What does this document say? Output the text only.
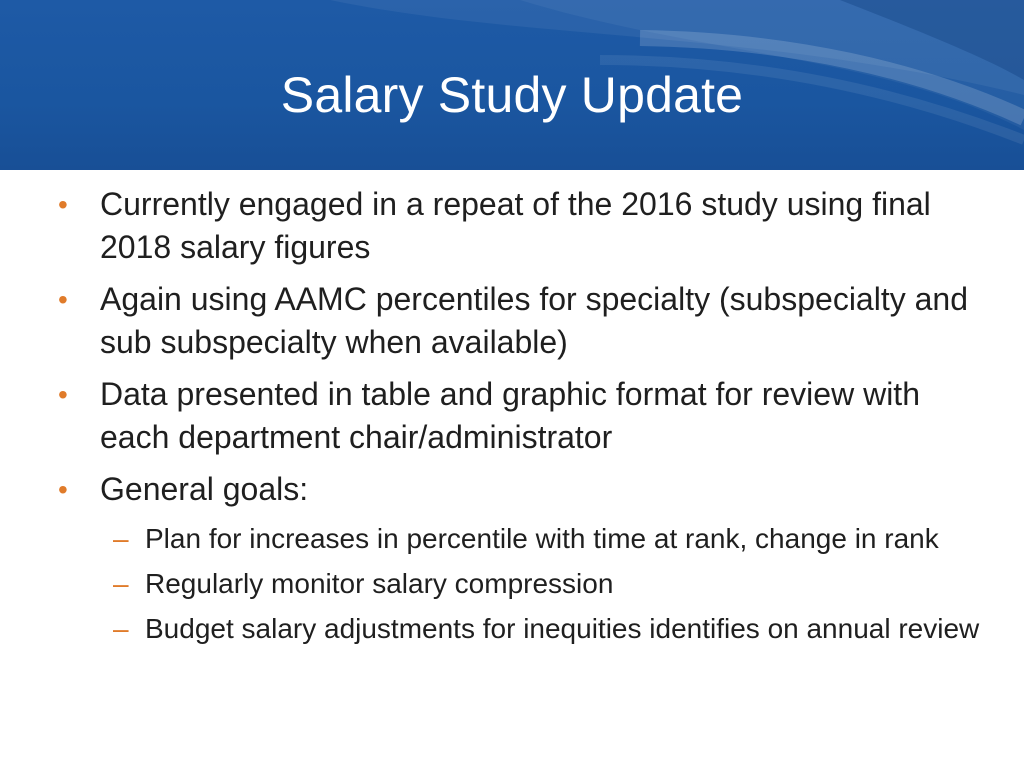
Salary Study Update
• Currently engaged in a repeat of the 2016 study using final 2018 salary figures
• Again using AAMC percentiles for specialty (subspecialty and sub subspecialty when available)
• Data presented in table and graphic format for review with each department chair/administrator
• General goals:
– Plan for increases in percentile with time at rank, change in rank
– Regularly monitor salary compression
– Budget salary adjustments for inequities identifies on annual review
